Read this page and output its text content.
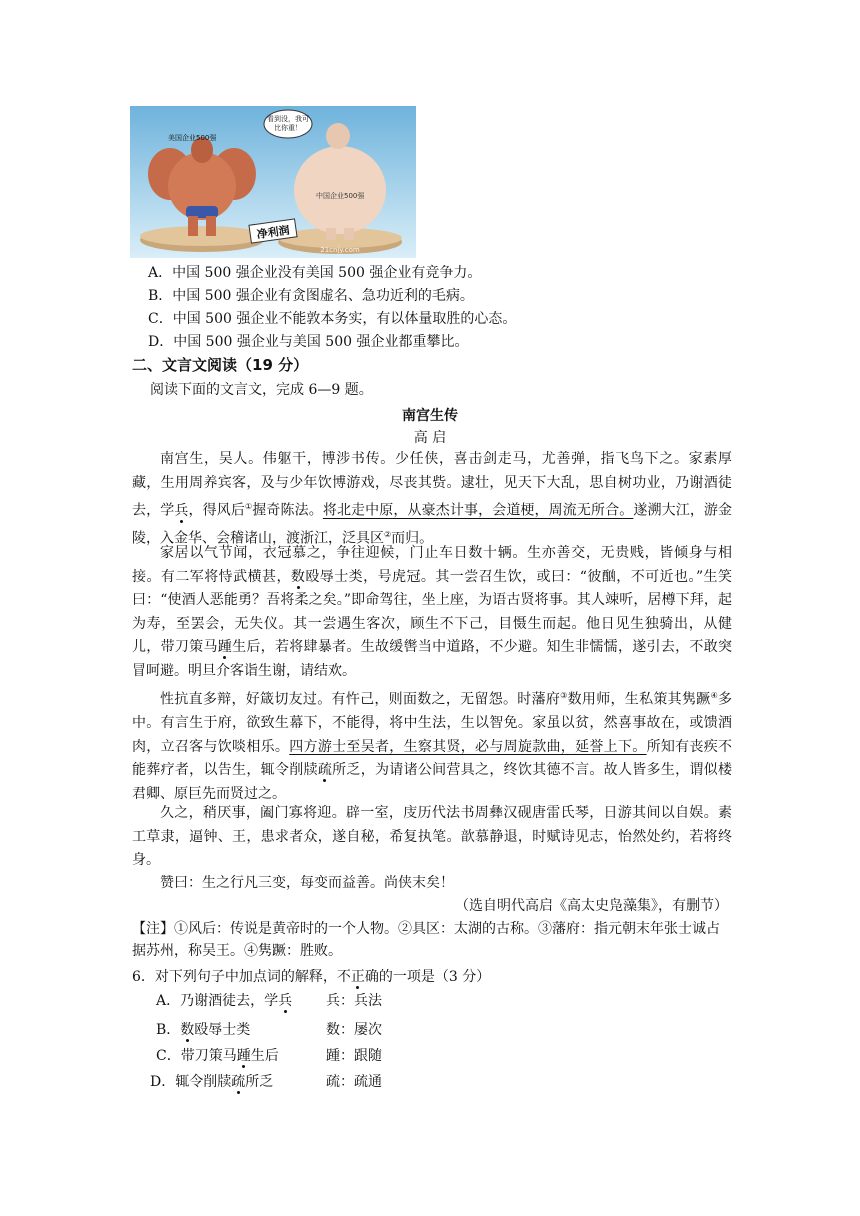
看到没，我可
比你重！
美国企业500强
中国企业500强
净利润
21cnjy.com
A．中国 500 强企业没有美国 500 强企业有竞争力。
B．中国 500 强企业有贪图虚名、急功近利的毛病。
C．中国 500 强企业不能敦本务实，有以体量取胜的心态。
D．中国 500 强企业与美国 500 强企业都重攀比。
二、文言文阅读（19 分）
阅读下面的文言文，完成 6—9 题。
南宫生传
高 启
南宫生，吴人。伟躯干，博涉书传。少任侠，喜击剑走马，尤善弹，指飞鸟下之。家素厚藏，生用周养宾客，及与少年饮博游戏，尽丧其赀。逮壮，见天下大乱，思自树功业，乃谢酒徒去，学兵，得风后①握奇陈法。将北走中原，从豪杰计事，会道梗，周流无所合。遂溯大江，游金陵，入金华、会稽诸山，渡浙江，泛具区②而归。
家居以气节闻，衣冠慕之，争往迎候，门止车日数十辆。生亦善交，无贵贱，皆倾身与相接。有二军将恃武横甚，数殴辱士类，号虎冠。其一尝召生饮，或曰：“彼酗，不可近也。”生笑曰：“使酒人恶能勇？吾将柔之矣。”即命驾往，坐上座，为语古贤将事。其人竦听，居樽下拜，起为寿，至罢会，无失仪。其一尝遇生客次，顾生不下己，目慑生而起。他日见生独骑出，从健儿，带刀策马踵生后，若将肆暴者。生故缓辔当中道路，不少避。知生非懦懦，遂引去，不敢突冒呵避。明旦介客诣生谢，请结欢。
性抗直多辩，好箴切友过。有忤己，则面数之，无留怨。时藩府③数用师，生私策其隽蹶④多中。有言生于府，欲致生幕下，不能得，将中生法，生以智免。家虽以贫，然喜事故在，或馈酒肉，立召客与饮啖相乐。四方游士至吴者，生察其贤，必与周旋款曲，延誉上下。所知有丧疾不能葬疗者，以告生，辄令削牍疏所乏，为请诸公间营具之，终饮其德不言。故人皆多生，谓似楼君卿、原巨先而贤过之。
久之，稍厌事，阖门寡将迎。辟一室，庋历代法书周彝汉砚唐雷氏琴，日游其间以自娱。素工草隶，逼钟、王，患求者众，遂自秘，希复执笔。歆慕静退，时赋诗见志，怡然处约，若将终身。
赞曰：生之行凡三变，每变而益善。尚侠末矣！
（选自明代高启《高太史凫藻集》，有删节）
【注】①风后：传说是黄帝时的一个人物。②具区：太湖的古称。③藩府：指元朝末年张士诚占据苏州，称吴王。④隽蹶：胜败。
6．对下列句子中加点词的解释，不正确的一项是（3 分）
A．乃谢酒徒去，学兵 兵：兵法
B．数殴辱士类	数：屡次
C．带刀策马踵生后	踵：跟随
D．辄令削牍疏所乏	疏：疏通
